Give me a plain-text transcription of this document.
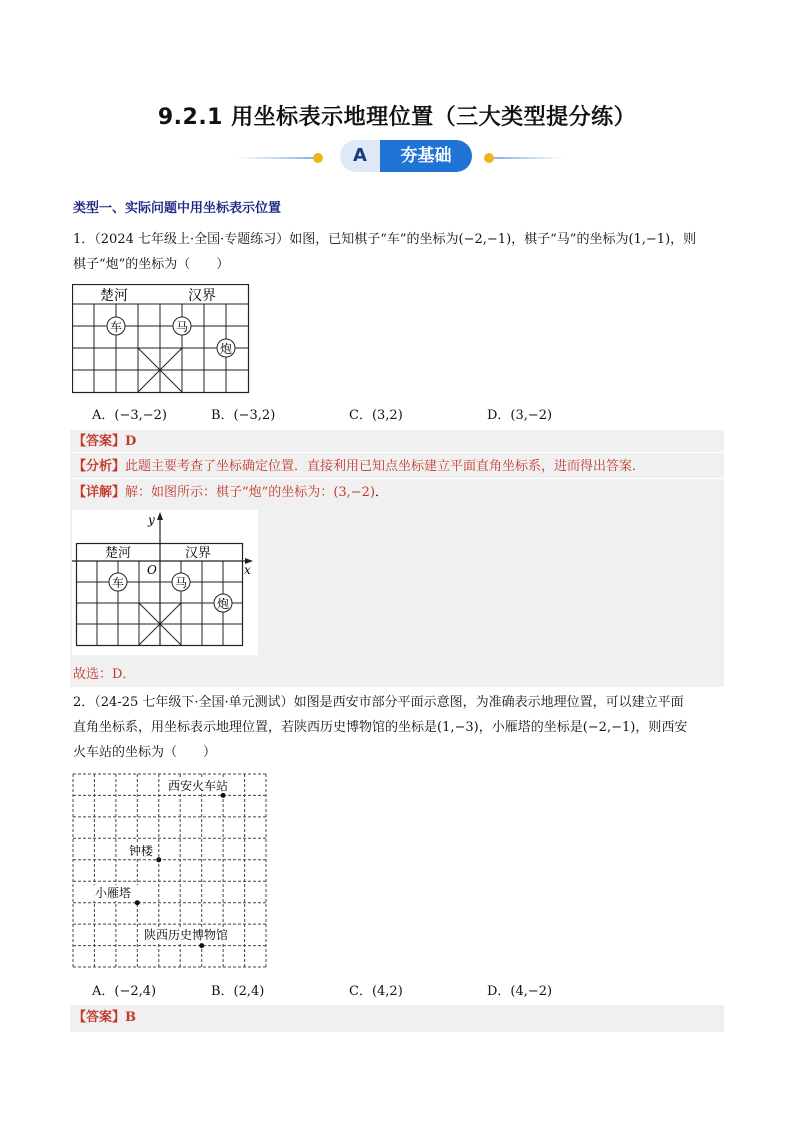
9.2.1 用坐标表示地理位置（三大类型提分练）
A	夯基础
类型一、实际问题中用坐标表示位置
1．（2024 七年级上·全国·专题练习）如图，已知棋子“车”的坐标为(−2,−1)，棋子“马”的坐标为(1,−1)，则
棋子“炮”的坐标为（　　）
楚河	汉界
车	马
炮
A．(−3,−2)	B．(−3,2)	C．(3,2)	D．(3,−2)
【答案】D
【分析】此题主要考查了坐标确定位置．直接利用已知点坐标建立平面直角坐标系，进而得出答案．
【详解】解：如图所示：棋子“炮”的坐标为：(3,−2)．
楚河	汉界
y
x
O
车	马
炮
故选：D．
2．（24-25 七年级下·全国·单元测试）如图是西安市部分平面示意图，为准确表示地理位置，可以建立平面
直角坐标系，用坐标表示地理位置，若陕西历史博物馆的坐标是(1,−3)，小雁塔的坐标是(−2,−1)，则西安
火车站的坐标为（　　）
西安火车站
钟楼
小雁塔
陕西历史博物馆
A．(−2,4)	B．(2,4)	C．(4,2)	D．(4,−2)
【答案】B
